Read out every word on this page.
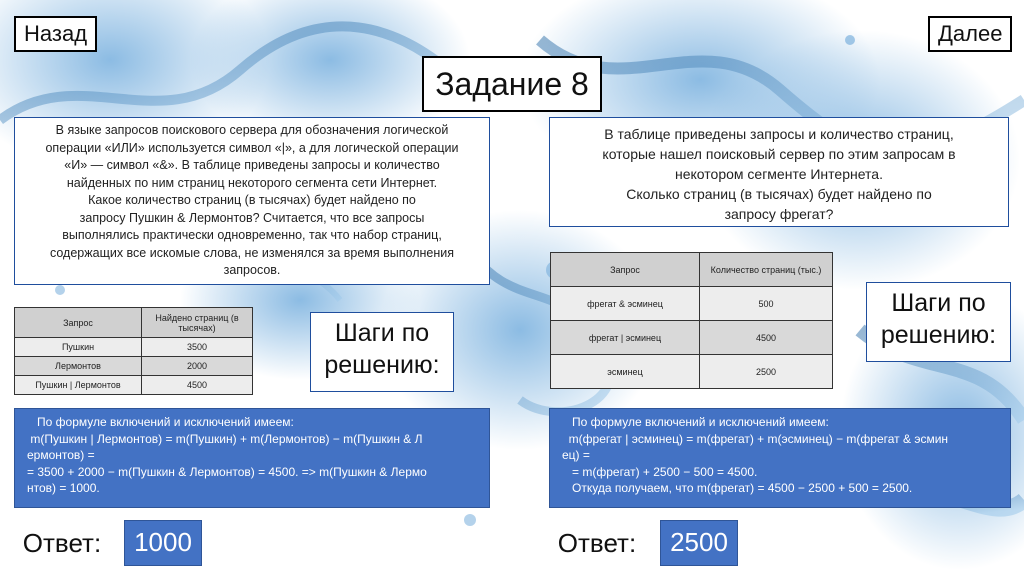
Назад	Далее
Задание 8
В языке запросов поискового сервера для обозначения логической
операции «ИЛИ» используется символ «|», а для логической операции
«И» — символ «&». В таблице приведены запросы и количество
найденных по ним страниц некоторого сегмента сети Интернет.
Какое количество страниц (в тысячах) будет найдено по
запросу Пушкин & Лермонтов? Считается, что все запросы
выполнялись практически одновременно, так что набор страниц,
содержащих все искомые слова, не изменялся за время выполнения
запросов.
Запрос	Найдено страниц (в тысячах)
Пушкин	3500
Лермонтов	2000
Пушкин | Лермонтов	4500
Шаги по решению:
По формуле включений и исключений имеем:
m(Пушкин | Лермонтов) = m(Пушкин) + m(Лермонтов) − m(Пушкин & Л
ермонтов) =
= 3500 + 2000 − m(Пушкин & Лермонтов) = 4500. => m(Пушкин & Лермо
нтов) = 1000.
Ответ:	1000
В таблице приведены запросы и количество страниц,
которые нашел поисковый сервер по этим запросам в
некотором сегменте Интернета.
Сколько страниц (в тысячах) будет найдено по
запросу фрегат?
Запрос	Количество страниц (тыс.)
фрегат & эсминец	500
фрегат | эсминец	4500
эсминец	2500
Шаги по решению:
По формуле включений и исключений имеем:
m(фрегат | эсминец) = m(фрегат) + m(эсминец) − m(фрегат & эсмин
ец) =
= m(фрегат) + 2500 − 500 = 4500.
Откуда получаем, что m(фрегат) = 4500 − 2500 + 500 = 2500.
Ответ:	2500
